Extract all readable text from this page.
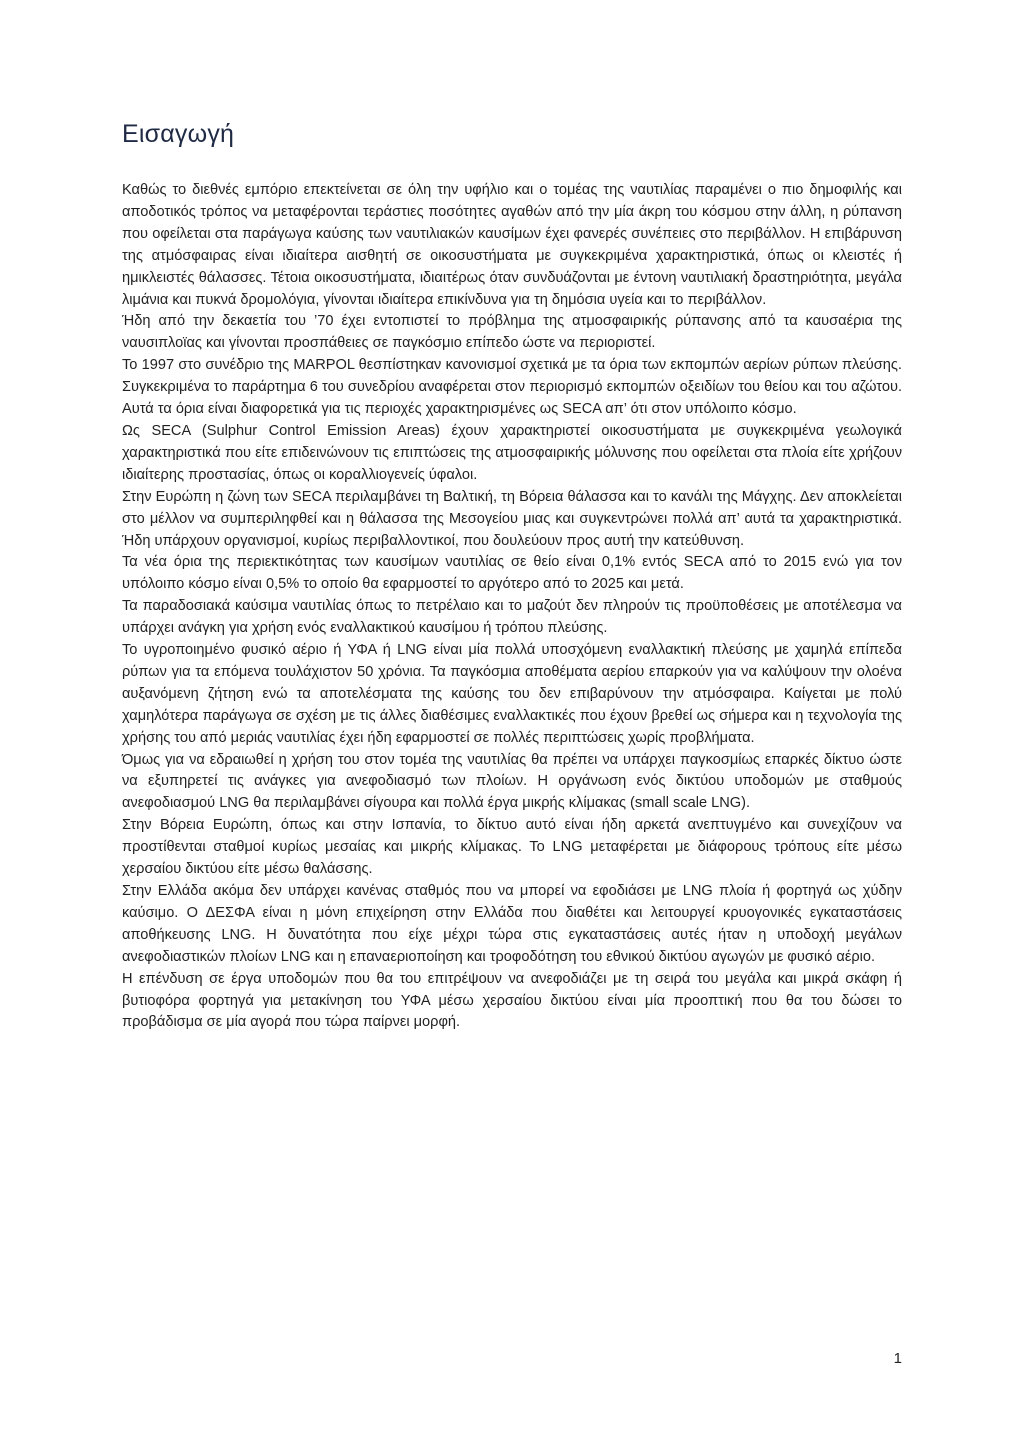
Εισαγωγή

Καθώς το διεθνές εμπόριο επεκτείνεται σε όλη την υφήλιο και ο τομέας της ναυτιλίας παραμένει ο πιο δημοφιλής και αποδοτικός τρόπος να μεταφέρονται τεράστιες ποσότητες αγαθών από την μία άκρη του κόσμου στην άλλη, η ρύπανση που οφείλεται στα παράγωγα καύσης των ναυτιλιακών καυσίμων έχει φανερές συνέπειες στο περιβάλλον. Η επιβάρυνση της ατμόσφαιρας είναι ιδιαίτερα αισθητή σε οικοσυστήματα με συγκεκριμένα χαρακτηριστικά, όπως οι κλειστές ή ημικλειστές θάλασσες. Τέτοια οικοσυστήματα, ιδιαιτέρως όταν συνδυάζονται με έντονη ναυτιλιακή δραστηριότητα, μεγάλα λιμάνια και πυκνά δρομολόγια, γίνονται ιδιαίτερα επικίνδυνα για τη δημόσια υγεία και το περιβάλλον.

Ήδη από την δεκαετία του ’70 έχει εντοπιστεί το πρόβλημα της ατμοσφαιρικής ρύπανσης από τα καυσαέρια της ναυσιπλοϊας και γίνονται προσπάθειες σε παγκόσμιο επίπεδο ώστε να περιοριστεί.

Το 1997 στο συνέδριο της MARPOL θεσπίστηκαν κανονισμοί σχετικά με τα όρια των εκπομπών αερίων ρύπων πλεύσης. Συγκεκριμένα το παράρτημα 6 του συνεδρίου αναφέρεται στον περιορισμό εκπομπών οξειδίων του θείου και του αζώτου. Αυτά τα όρια είναι διαφορετικά για τις περιοχές χαρακτηρισμένες ως SECA απ’ ότι στον υπόλοιπο κόσμο.

Ως SECA (Sulphur Control Emission Areas) έχουν χαρακτηριστεί οικοσυστήματα με συγκεκριμένα γεωλογικά χαρακτηριστικά που είτε επιδεινώνουν τις επιπτώσεις της ατμοσφαιρικής μόλυνσης που οφείλεται στα πλοία είτε χρήζουν ιδιαίτερης προστασίας, όπως οι κοραλλιογενείς ύφαλοι.

Στην Ευρώπη η ζώνη των SECA περιλαμβάνει τη Βαλτική, τη Βόρεια θάλασσα και το κανάλι της Μάγχης. Δεν αποκλείεται στο μέλλον να συμπεριληφθεί και η θάλασσα της Μεσογείου μιας και συγκεντρώνει πολλά απ’ αυτά τα χαρακτηριστικά. Ήδη υπάρχουν οργανισμοί, κυρίως περιβαλλοντικοί, που δουλεύουν προς αυτή την κατεύθυνση.

Τα νέα όρια της περιεκτικότητας των καυσίμων ναυτιλίας σε θείο είναι 0,1% εντός SECA από το 2015 ενώ για τον υπόλοιπο κόσμο είναι 0,5% το οποίο θα εφαρμοστεί το αργότερο από το 2025 και μετά.

Τα παραδοσιακά καύσιμα ναυτιλίας όπως το πετρέλαιο και το μαζούτ δεν πληρούν τις προϋποθέσεις με αποτέλεσμα να υπάρχει ανάγκη για χρήση ενός εναλλακτικού καυσίμου ή τρόπου πλεύσης.

Το υγροποιημένο φυσικό αέριο ή ΥΦΑ ή LNG είναι μία πολλά υποσχόμενη εναλλακτική πλεύσης με χαμηλά επίπεδα ρύπων για τα επόμενα τουλάχιστον 50 χρόνια. Τα παγκόσμια αποθέματα αερίου επαρκούν για να καλύψουν την ολοένα αυξανόμενη ζήτηση ενώ τα αποτελέσματα της καύσης του δεν επιβαρύνουν την ατμόσφαιρα. Καίγεται με πολύ χαμηλότερα παράγωγα σε σχέση με τις άλλες διαθέσιμες εναλλακτικές που έχουν βρεθεί ως σήμερα και η τεχνολογία της χρήσης του από μεριάς ναυτιλίας έχει ήδη εφαρμοστεί σε πολλές περιπτώσεις χωρίς προβλήματα.

Όμως για να εδραιωθεί η χρήση του στον τομέα της ναυτιλίας θα πρέπει να υπάρχει παγκοσμίως επαρκές δίκτυο ώστε να εξυπηρετεί τις ανάγκες για ανεφοδιασμό των πλοίων. Η οργάνωση ενός δικτύου υποδομών με σταθμούς ανεφοδιασμού LNG θα περιλαμβάνει σίγουρα και πολλά έργα μικρής κλίμακας (small scale LNG).

Στην Βόρεια Ευρώπη, όπως και στην Ισπανία, το δίκτυο αυτό είναι ήδη αρκετά ανεπτυγμένο και συνεχίζουν να προστίθενται σταθμοί κυρίως μεσαίας και μικρής κλίμακας. Το LNG μεταφέρεται με διάφορους τρόπους είτε μέσω χερσαίου δικτύου είτε μέσω θαλάσσης.

Στην Ελλάδα ακόμα δεν υπάρχει κανένας σταθμός που να μπορεί να εφοδιάσει με LNG πλοία ή φορτηγά ως χύδην καύσιμο. Ο ΔΕΣΦΑ είναι η μόνη επιχείρηση στην Ελλάδα που διαθέτει και λειτουργεί κρυογονικές εγκαταστάσεις αποθήκευσης LNG. Η δυνατότητα που είχε μέχρι τώρα στις εγκαταστάσεις αυτές ήταν η υποδοχή μεγάλων ανεφοδιαστικών πλοίων LNG και η επαναεριοποίηση και τροφοδότηση του εθνικού δικτύου αγωγών με φυσικό αέριο.

Η επένδυση σε έργα υποδομών που θα του επιτρέψουν να ανεφοδιάζει με τη σειρά του μεγάλα και μικρά σκάφη ή βυτιοφόρα φορτηγά για μετακίνηση του ΥΦΑ μέσω χερσαίου δικτύου είναι μία προοπτική που θα του δώσει το προβάδισμα σε μία αγορά που τώρα παίρνει μορφή.

1
